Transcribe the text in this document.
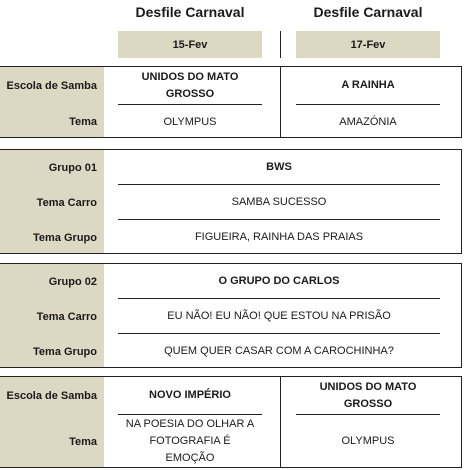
Desfile Carnaval	Desfile Carnaval
15-Fev	17-Fev
Escola de Samba
Tema
UNIDOS DO MATO GROSSO
OLYMPUS
A RAINHA
AMAZÓNIA
Grupo 01
Tema Carro
Tema Grupo
BWS
SAMBA SUCESSO
FIGUEIRA, RAINHA DAS PRAIAS
Grupo 02
Tema Carro
Tema Grupo
O GRUPO DO CARLOS
EU NÃO! EU NÃO! QUE ESTOU NA PRISÃO
QUEM QUER CASAR COM A CAROCHINHA?
Escola de Samba
Tema
NOVO IMPÉRIO
NA POESIA DO OLHAR A FOTOGRAFIA É EMOÇÃO
UNIDOS DO MATO GROSSO
OLYMPUS
